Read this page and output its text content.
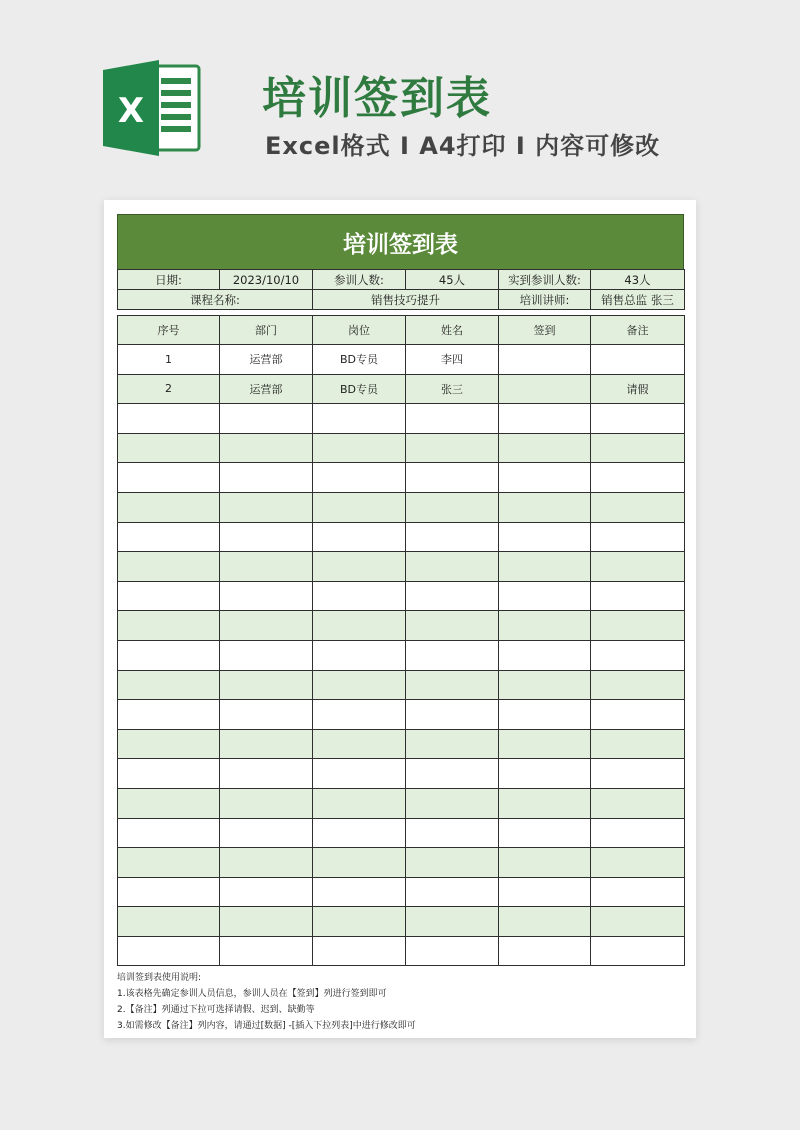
X	培训签到表
Excel格式 I A4打印 I 内容可修改
培训签到表
日期:	2023/10/10	参训人数:	45人	实到参训人数:	43人
课程名称:		销售技巧提升		培训讲师:	销售总监 张三
序号	部门	岗位	姓名	签到	备注
1	运营部	BD专员	李四		
2	运营部	BD专员	张三		请假

培训签到表使用说明:
1.该表格先确定参训人员信息，参训人员在【签到】列进行签到即可
2.【备注】列通过下拉可选择请假、迟到、缺勤等
3.如需修改【备注】列内容，请通过[数据] -[插入下拉列表]中进行修改即可
